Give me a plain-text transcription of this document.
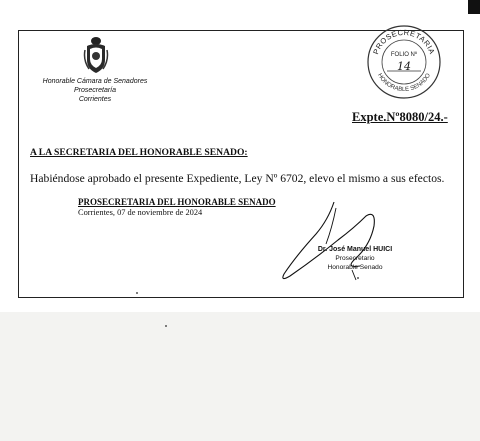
Honorable Cámara de Senadores
Prosecretaría
Corrientes
PROSECRETARIA
HONORABLE SENADO
FOLIO Nº
14
Expte.Nº8080/24.-
A LA SECRETARIA DEL HONORABLE SENADO:
Habiéndose aprobado el presente Expediente, Ley Nº 6702, elevo el mismo a sus efectos.
PROSECRETARIA DEL HONORABLE SENADO
Corrientes, 07 de noviembre de 2024
Dr. José Manuel HUICI
Prosecretario
Honorable Senado
